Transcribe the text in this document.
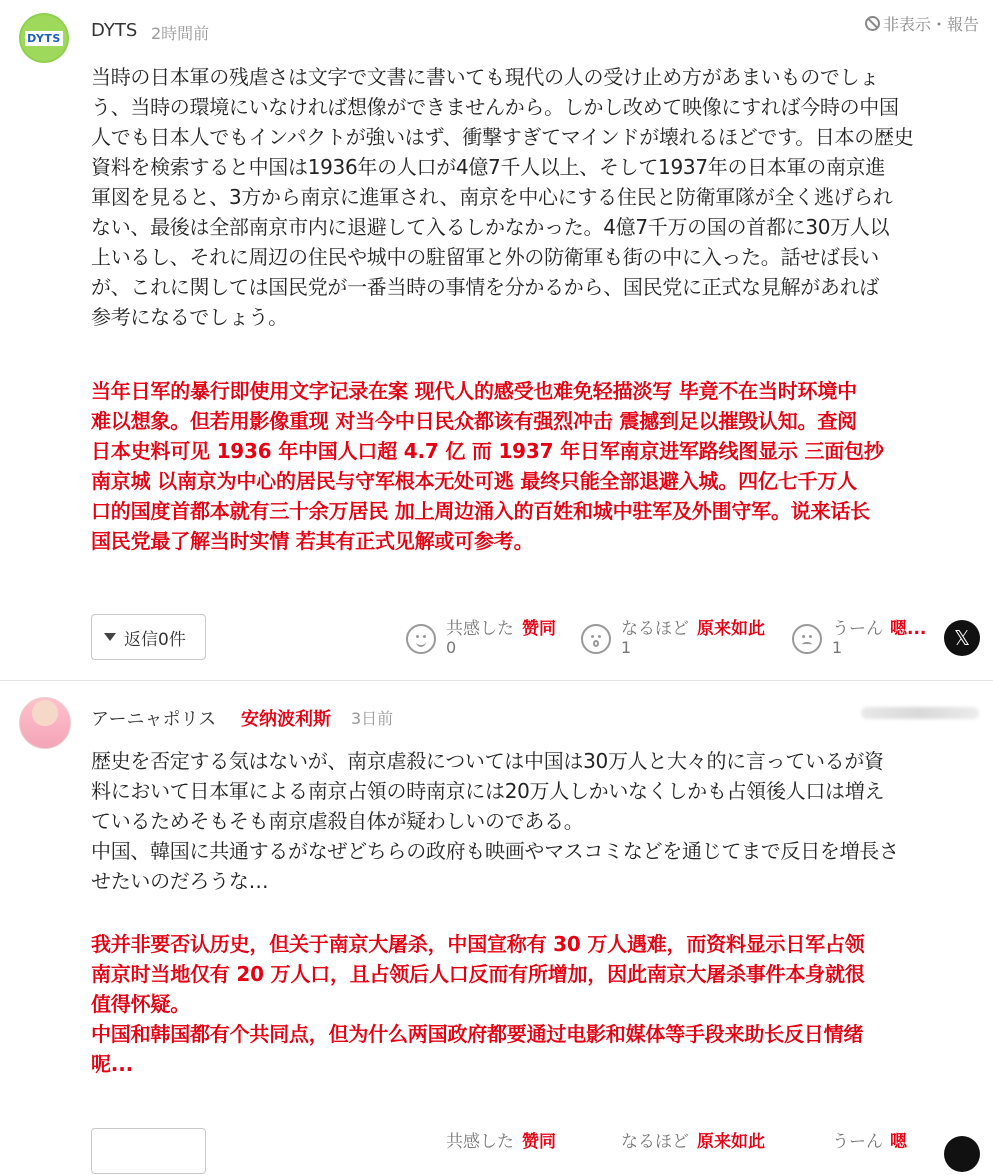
DYTS DYTS 2時間前	非表示・報告
当時の日本軍の残虐さは文字で文書に書いても現代の人の受け止め方があまいものでしょ
う、当時の環境にいなければ想像ができませんから。しかし改めて映像にすれば今時の中国
人でも日本人でもインパクトが強いはず、衝撃すぎてマインドが壊れるほどです。日本の歴史
資料を検索すると中国は1936年の人口が4億7千人以上、そして1937年の日本軍の南京進
軍図を見ると、3方から南京に進軍され、南京を中心にする住民と防衛軍隊が全く逃げられ
ない、最後は全部南京市内に退避して入るしかなかった。4億7千万の国の首都に30万人以
上いるし、それに周辺の住民や城中の駐留軍と外の防衛軍も街の中に入った。話せば長い
が、これに関しては国民党が一番当時の事情を分かるから、国民党に正式な見解があれば
参考になるでしょう。
当年日军的暴行即使用文字记录在案 现代人的感受也难免轻描淡写 毕竟不在当时环境中
难以想象。但若用影像重现 对当今中日民众都该有强烈冲击 震撼到足以摧毁认知。查阅
日本史料可见 1936 年中国人口超 4.7 亿 而 1937 年日军南京进军路线图显示 三面包抄
南京城 以南京为中心的居民与守军根本无处可逃 最终只能全部退避入城。四亿七千万人
口的国度首都本就有三十余万居民 加上周边涌入的百姓和城中驻军及外围守军。说来话长
国民党最了解当时实情 若其有正式见解或可参考。
返信0件
共感した 赞同
0
なるほど 原来如此
1
うーん 嗯...
1	𝕏
アーニャポリス 安纳波利斯 3日前
歴史を否定する気はないが、南京虐殺については中国は30万人と大々的に言っているが資
料において日本軍による南京占領の時南京には20万人しかいなくしかも占領後人口は増え
ているためそもそも南京虐殺自体が疑わしいのである。
中国、韓国に共通するがなぜどちらの政府も映画やマスコミなどを通じてまで反日を増長さ
せたいのだろうな…
我并非要否认历史，但关于南京大屠杀，中国宣称有 30 万人遇难，而资料显示日军占领
南京时当地仅有 20 万人口，且占领后人口反而有所增加，因此南京大屠杀事件本身就很
值得怀疑。
中国和韩国都有个共同点，但为什么两国政府都要通过电影和媒体等手段来助长反日情绪
呢...
共感した 赞同	なるほど 原来如此	うーん 嗯
